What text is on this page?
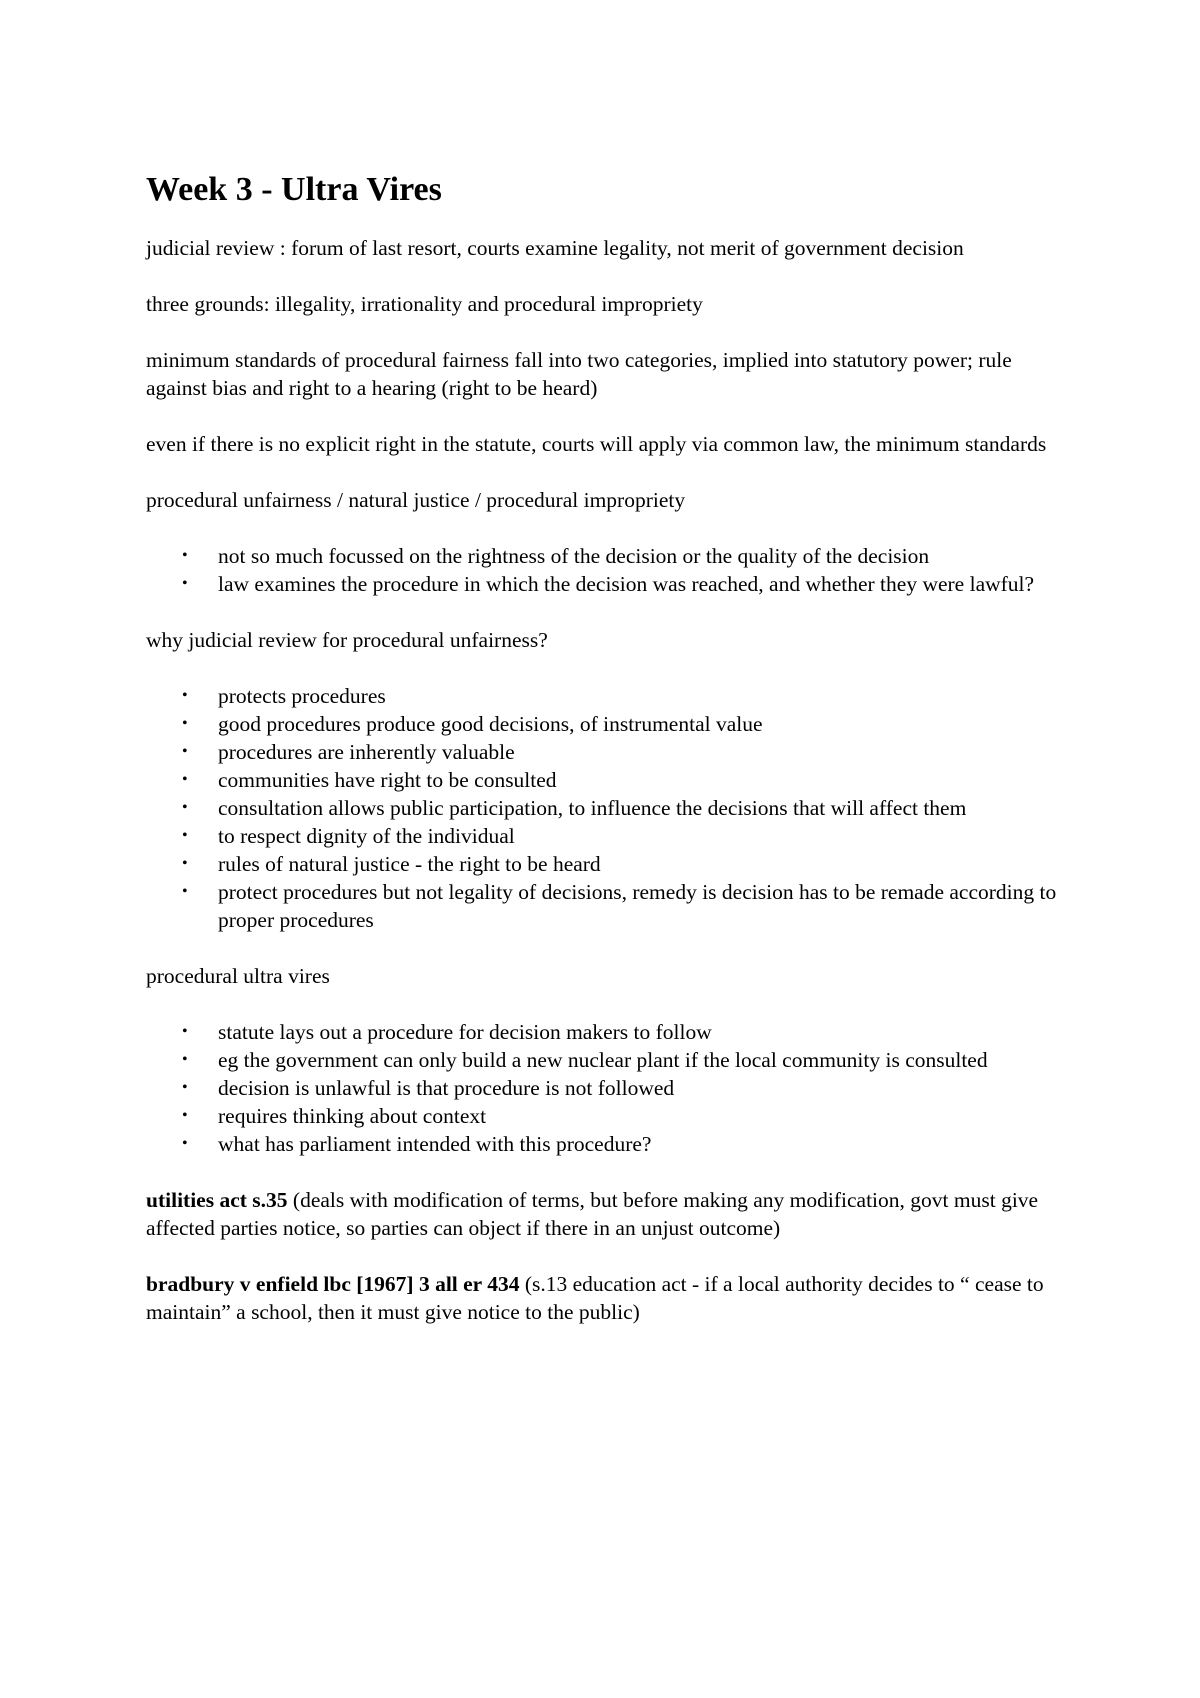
Week 3 - Ultra Vires

judicial review : forum of last resort, courts examine legality, not merit of government decision

three grounds: illegality, irrationality and procedural impropriety

minimum standards of procedural fairness fall into two categories, implied into statutory power; rule against bias and right to a hearing (right to be heard)

even if there is no explicit right in the statute, courts will apply via common law, the minimum standards

procedural unfairness / natural justice / procedural impropriety

• not so much focussed on the rightness of the decision or the quality of the decision
• law examines the procedure in which the decision was reached, and whether they were lawful?

why judicial review for procedural unfairness?

• protects procedures
• good procedures produce good decisions, of instrumental value
• procedures are inherently valuable
• communities have right to be consulted
• consultation allows public participation, to influence the decisions that will affect them
• to respect dignity of the individual
• rules of natural justice - the right to be heard
• protect procedures but not legality of decisions, remedy is decision has to be remade according to proper procedures

procedural ultra vires

• statute lays out a procedure for decision makers to follow
• eg the government can only build a new nuclear plant if the local community is consulted
• decision is unlawful is that procedure is not followed
• requires thinking about context
• what has parliament intended with this procedure?

utilities act s.35 (deals with modification of terms, but before making any modification, govt must give affected parties notice, so parties can object if there in an unjust outcome)

bradbury v enfield lbc [1967] 3 all er 434 (s.13 education act - if a local authority decides to “ cease to maintain” a school, then it must give notice to the public)
